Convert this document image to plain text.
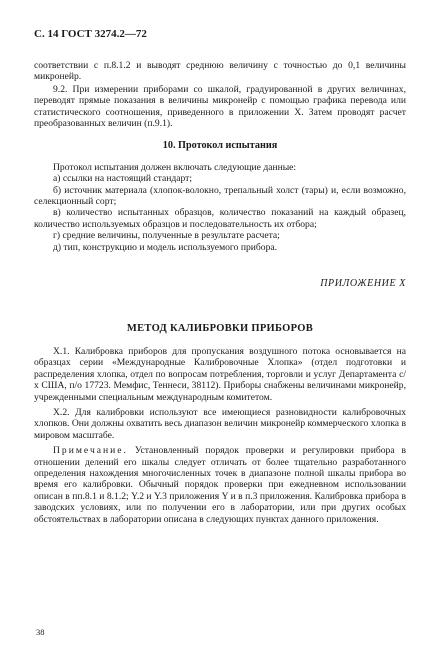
С. 14 ГОСТ 3274.2—72

соответствии с п.8.1.2 и выводят среднюю величину с точностью до 0,1 величины микронейр.

9.2. При измерении приборами со шкалой, градуированной в других величинах, переводят прямые показания в величины микронейр с помощью графика перевода или статистического соотношения, приведенного в приложении X. Затем проводят расчет преобразованных величин (п.9.1).

10. Протокол испытания

Протокол испытания должен включать следующие данные:

а) ссылки на настоящий стандарт;

б) источник материала (хлопок-волокно, трепальный холст (тары) и, если возможно, селекционный сорт;

в) количество испытанных образцов, количество показаний на каждый образец, количество используемых образцов и последовательность их отбора;

г) средние величины, полученные в результате расчета;

д) тип, конструкцию и модель используемого прибора.

ПРИЛОЖЕНИЕ X
МЕТОД КАЛИБРОВКИ ПРИБОРОВ

X.1. Калибровка приборов для пропускания воздушного потока основывается на образцах серии «Международные Калибровочные Хлопка» (отдел подготовки и распределения хлопка, отдел по вопросам потребления, торговли и услуг Департамента с/х США, п/о 17723. Мемфис, Теннеси, 38112). Приборы снабжены величинами микронейр, учрежденными специальным международным комитетом.

X.2. Для калибровки используют все имеющиеся разновидности калибровочных хлопков. Они должны охватить весь диапазон величин микронейр коммерческого хлопка в мировом масштабе.

Примечание. Установленный порядок проверки и регулировки прибора в отношении делений его шкалы следует отличать от более тщательно разработанного определения нахождения многочисленных точек в диапазоне полной шкалы прибора во время его калибровки. Обычный порядок проверки при ежедневном использовании описан в пп.8.1 и 8.1.2; Y.2 и Y.3 приложения Y и в п.3 приложения. Калибровка прибора в заводских условиях, или по получении его в лаборатории, или при других особых обстоятельствах в лаборатории описана в следующих пунктах данного приложения.

38
